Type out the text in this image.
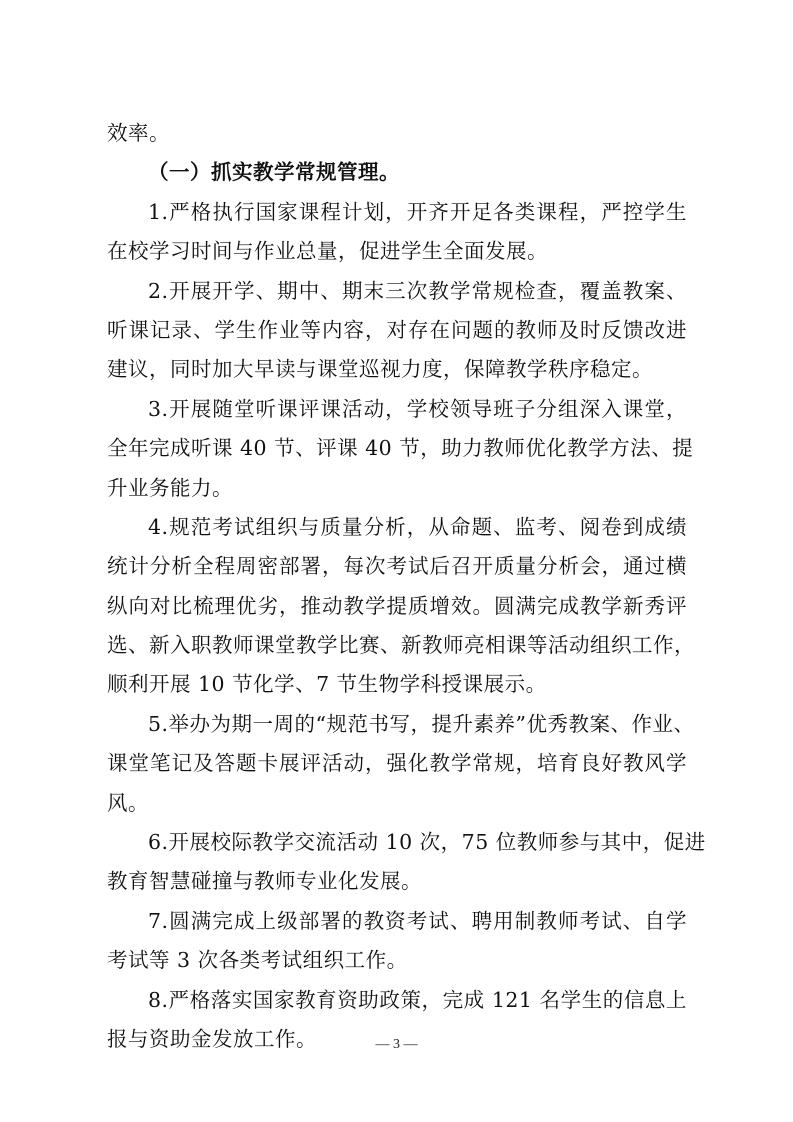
效率。
（一）抓实教学常规管理。
1.严格执行国家课程计划，开齐开足各类课程，严控学生
在校学习时间与作业总量，促进学生全面发展。
2.开展开学、期中、期末三次教学常规检查，覆盖教案、
听课记录、学生作业等内容，对存在问题的教师及时反馈改进
建议，同时加大早读与课堂巡视力度，保障教学秩序稳定。
3.开展随堂听课评课活动，学校领导班子分组深入课堂，
全年完成听课 40 节、评课 40 节，助力教师优化教学方法、提
升业务能力。
4.规范考试组织与质量分析，从命题、监考、阅卷到成绩
统计分析全程周密部署，每次考试后召开质量分析会，通过横
纵向对比梳理优劣，推动教学提质增效。圆满完成教学新秀评
选、新入职教师课堂教学比赛、新教师亮相课等活动组织工作，
顺利开展 10 节化学、7 节生物学科授课展示。
5.举办为期一周的“规范书写，提升素养”优秀教案、作业、
课堂笔记及答题卡展评活动，强化教学常规，培育良好教风学
风。
6.开展校际教学交流活动 10 次，75 位教师参与其中，促进
教育智慧碰撞与教师专业化发展。
7.圆满完成上级部署的教资考试、聘用制教师考试、自学
考试等 3 次各类考试组织工作。
8.严格落实国家教育资助政策，完成 121 名学生的信息上
报与资助金发放工作。	— 3 —
